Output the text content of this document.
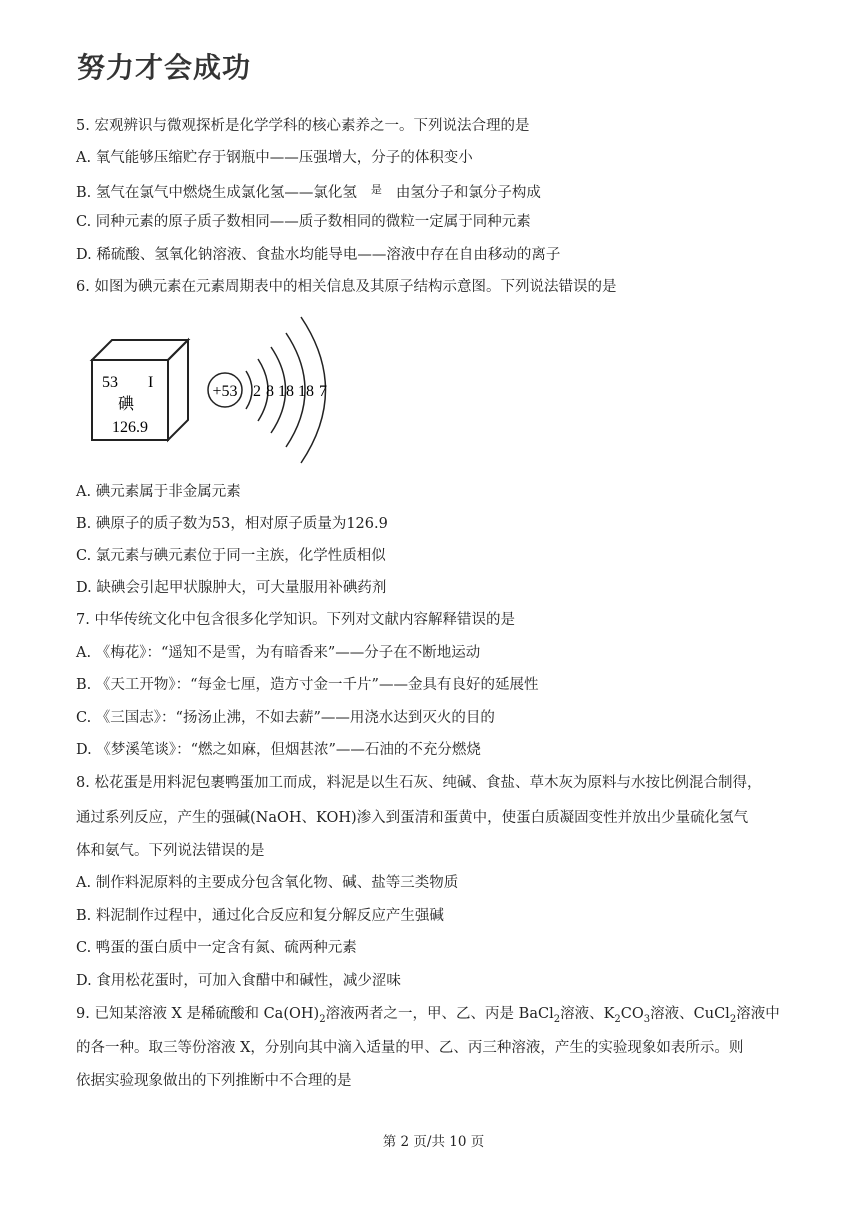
努力才会成功
5. 宏观辨识与微观探析是化学学科的核心素养之一。下列说法合理的是
A. 氧气能够压缩贮存于钢瓶中——压强增大，分子的体积变小
B. 氢气在氯气中燃烧生成氯化氢——氯化氢 $^是$ 由氢分子和氯分子构成
C. 同种元素的原子质子数相同——质子数相同的微粒一定属于同种元素
D. 稀硫酸、氢氧化钠溶液、食盐水均能导电——溶液中存在自由移动的离子
6. 如图为碘元素在元素周期表中的相关信息及其原子结构示意图。下列说法错误的是
53 I
碘
126.9
+53 2 8 18 18 7
A. 碘元素属于非金属元素
B. 碘原子的质子数为53，相对原子质量为126.9
C. 氯元素与碘元素位于同一主族，化学性质相似
D. 缺碘会引起甲状腺肿大，可大量服用补碘药剂
7. 中华传统文化中包含很多化学知识。下列对文献内容解释错误的是
A. 《梅花》：“遥知不是雪，为有暗香来”——分子在不断地运动
B. 《天工开物》：“每金七厘，造方寸金一千片”——金具有良好的延展性
C. 《三国志》：“扬汤止沸，不如去薪”——用浇水达到灭火的目的
D. 《梦溪笔谈》：“燃之如麻，但烟甚浓”——石油的不充分燃烧
8. 松花蛋是用料泥包裹鸭蛋加工而成，料泥是以生石灰、纯碱、食盐、草木灰为原料与水按比例混合制得，
通过系列反应，产生的强碱(NaOH、KOH)渗入到蛋清和蛋黄中，使蛋白质凝固变性并放出少量硫化氢气
体和氨气。下列说法错误的是
A. 制作料泥原料的主要成分包含氧化物、碱、盐等三类物质
B. 料泥制作过程中，通过化合反应和复分解反应产生强碱
C. 鸭蛋的蛋白质中一定含有氮、硫两种元素
D. 食用松花蛋时，可加入食醋中和碱性，减少涩味
9. 已知某溶液 X 是稀硫酸和 $Ca(OH)_2$溶液两者之一，甲、乙、丙是 BaCl$_2$溶液、$K_2CO_3$溶液、CuCl$_2$溶液中
的各一种。取三等份溶液 X，分别向其中滴入适量的甲、乙、丙三种溶液，产生的实验现象如表所示。则
依据实验现象做出的下列推断中不合理的是
第 2 页/共 10 页
